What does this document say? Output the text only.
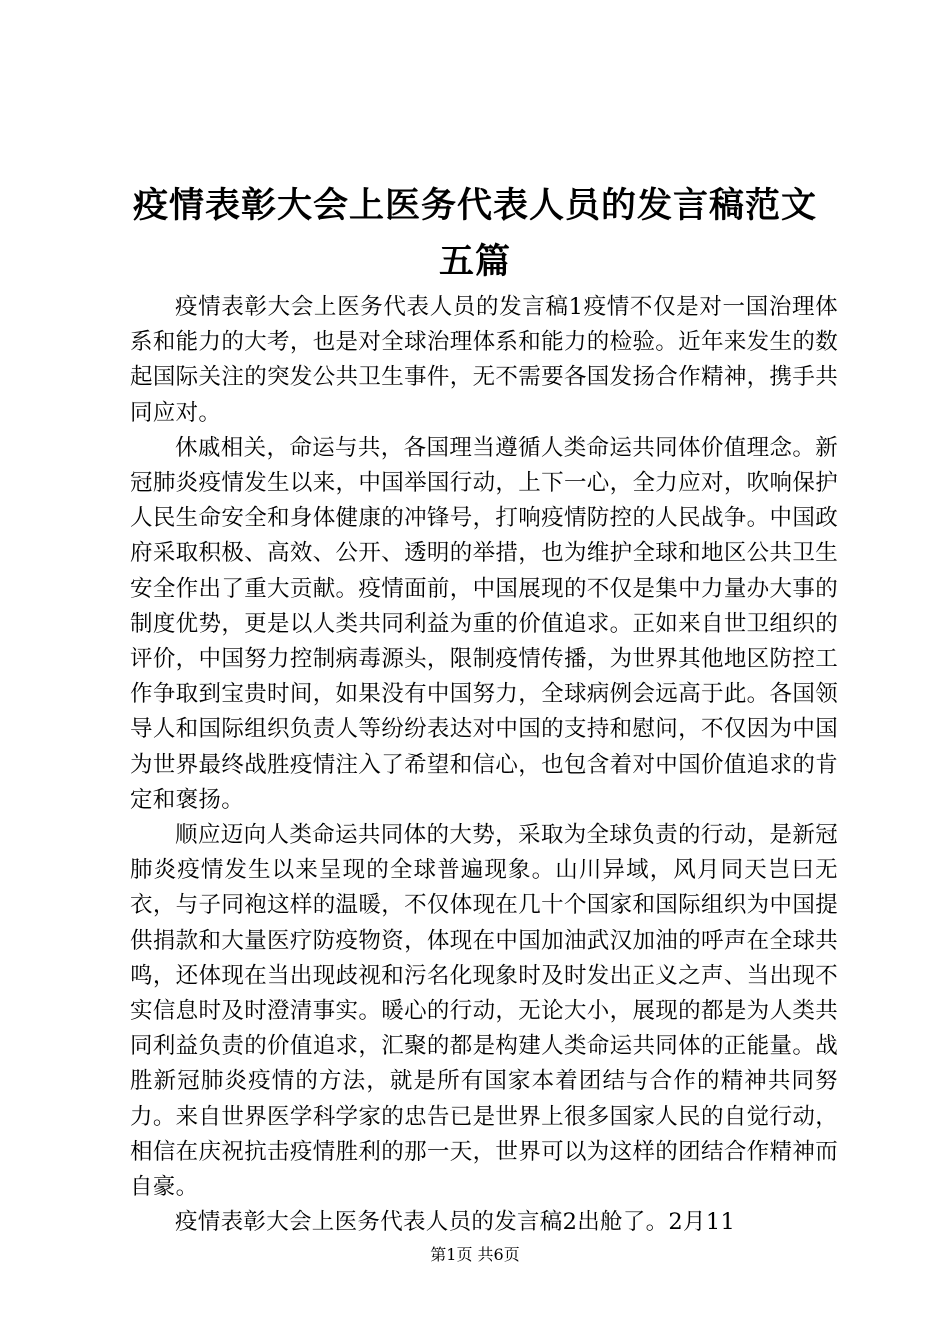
疫情表彰大会上医务代表人员的发言稿范文五篇

疫情表彰大会上医务代表人员的发言稿1疫情不仅是对一国治理体系和能力的大考，也是对全球治理体系和能力的检验。近年来发生的数起国际关注的突发公共卫生事件，无不需要各国发扬合作精神，携手共同应对。

休戚相关，命运与共，各国理当遵循人类命运共同体价值理念。新冠肺炎疫情发生以来，中国举国行动，上下一心，全力应对，吹响保护人民生命安全和身体健康的冲锋号，打响疫情防控的人民战争。中国政府采取积极、高效、公开、透明的举措，也为维护全球和地区公共卫生安全作出了重大贡献。疫情面前，中国展现的不仅是集中力量办大事的制度优势，更是以人类共同利益为重的价值追求。正如来自世卫组织的评价，中国努力控制病毒源头，限制疫情传播，为世界其他地区防控工作争取到宝贵时间，如果没有中国努力，全球病例会远高于此。各国领导人和国际组织负责人等纷纷表达对中国的支持和慰问，不仅因为中国为世界最终战胜疫情注入了希望和信心，也包含着对中国价值追求的肯定和褒扬。

顺应迈向人类命运共同体的大势，采取为全球负责的行动，是新冠肺炎疫情发生以来呈现的全球普遍现象。山川异域，风月同天岂曰无衣，与子同袍这样的温暖，不仅体现在几十个国家和国际组织为中国提供捐款和大量医疗防疫物资，体现在中国加油武汉加油的呼声在全球共鸣，还体现在当出现歧视和污名化现象时及时发出正义之声、当出现不实信息时及时澄清事实。暖心的行动，无论大小，展现的都是为人类共同利益负责的价值追求，汇聚的都是构建人类命运共同体的正能量。战胜新冠肺炎疫情的方法，就是所有国家本着团结与合作的精神共同努力。来自世界医学科学家的忠告已是世界上很多国家人民的自觉行动，相信在庆祝抗击疫情胜利的那一天，世界可以为这样的团结合作精神而自豪。

疫情表彰大会上医务代表人员的发言稿2出舱了。2月11

第1页 共6页
